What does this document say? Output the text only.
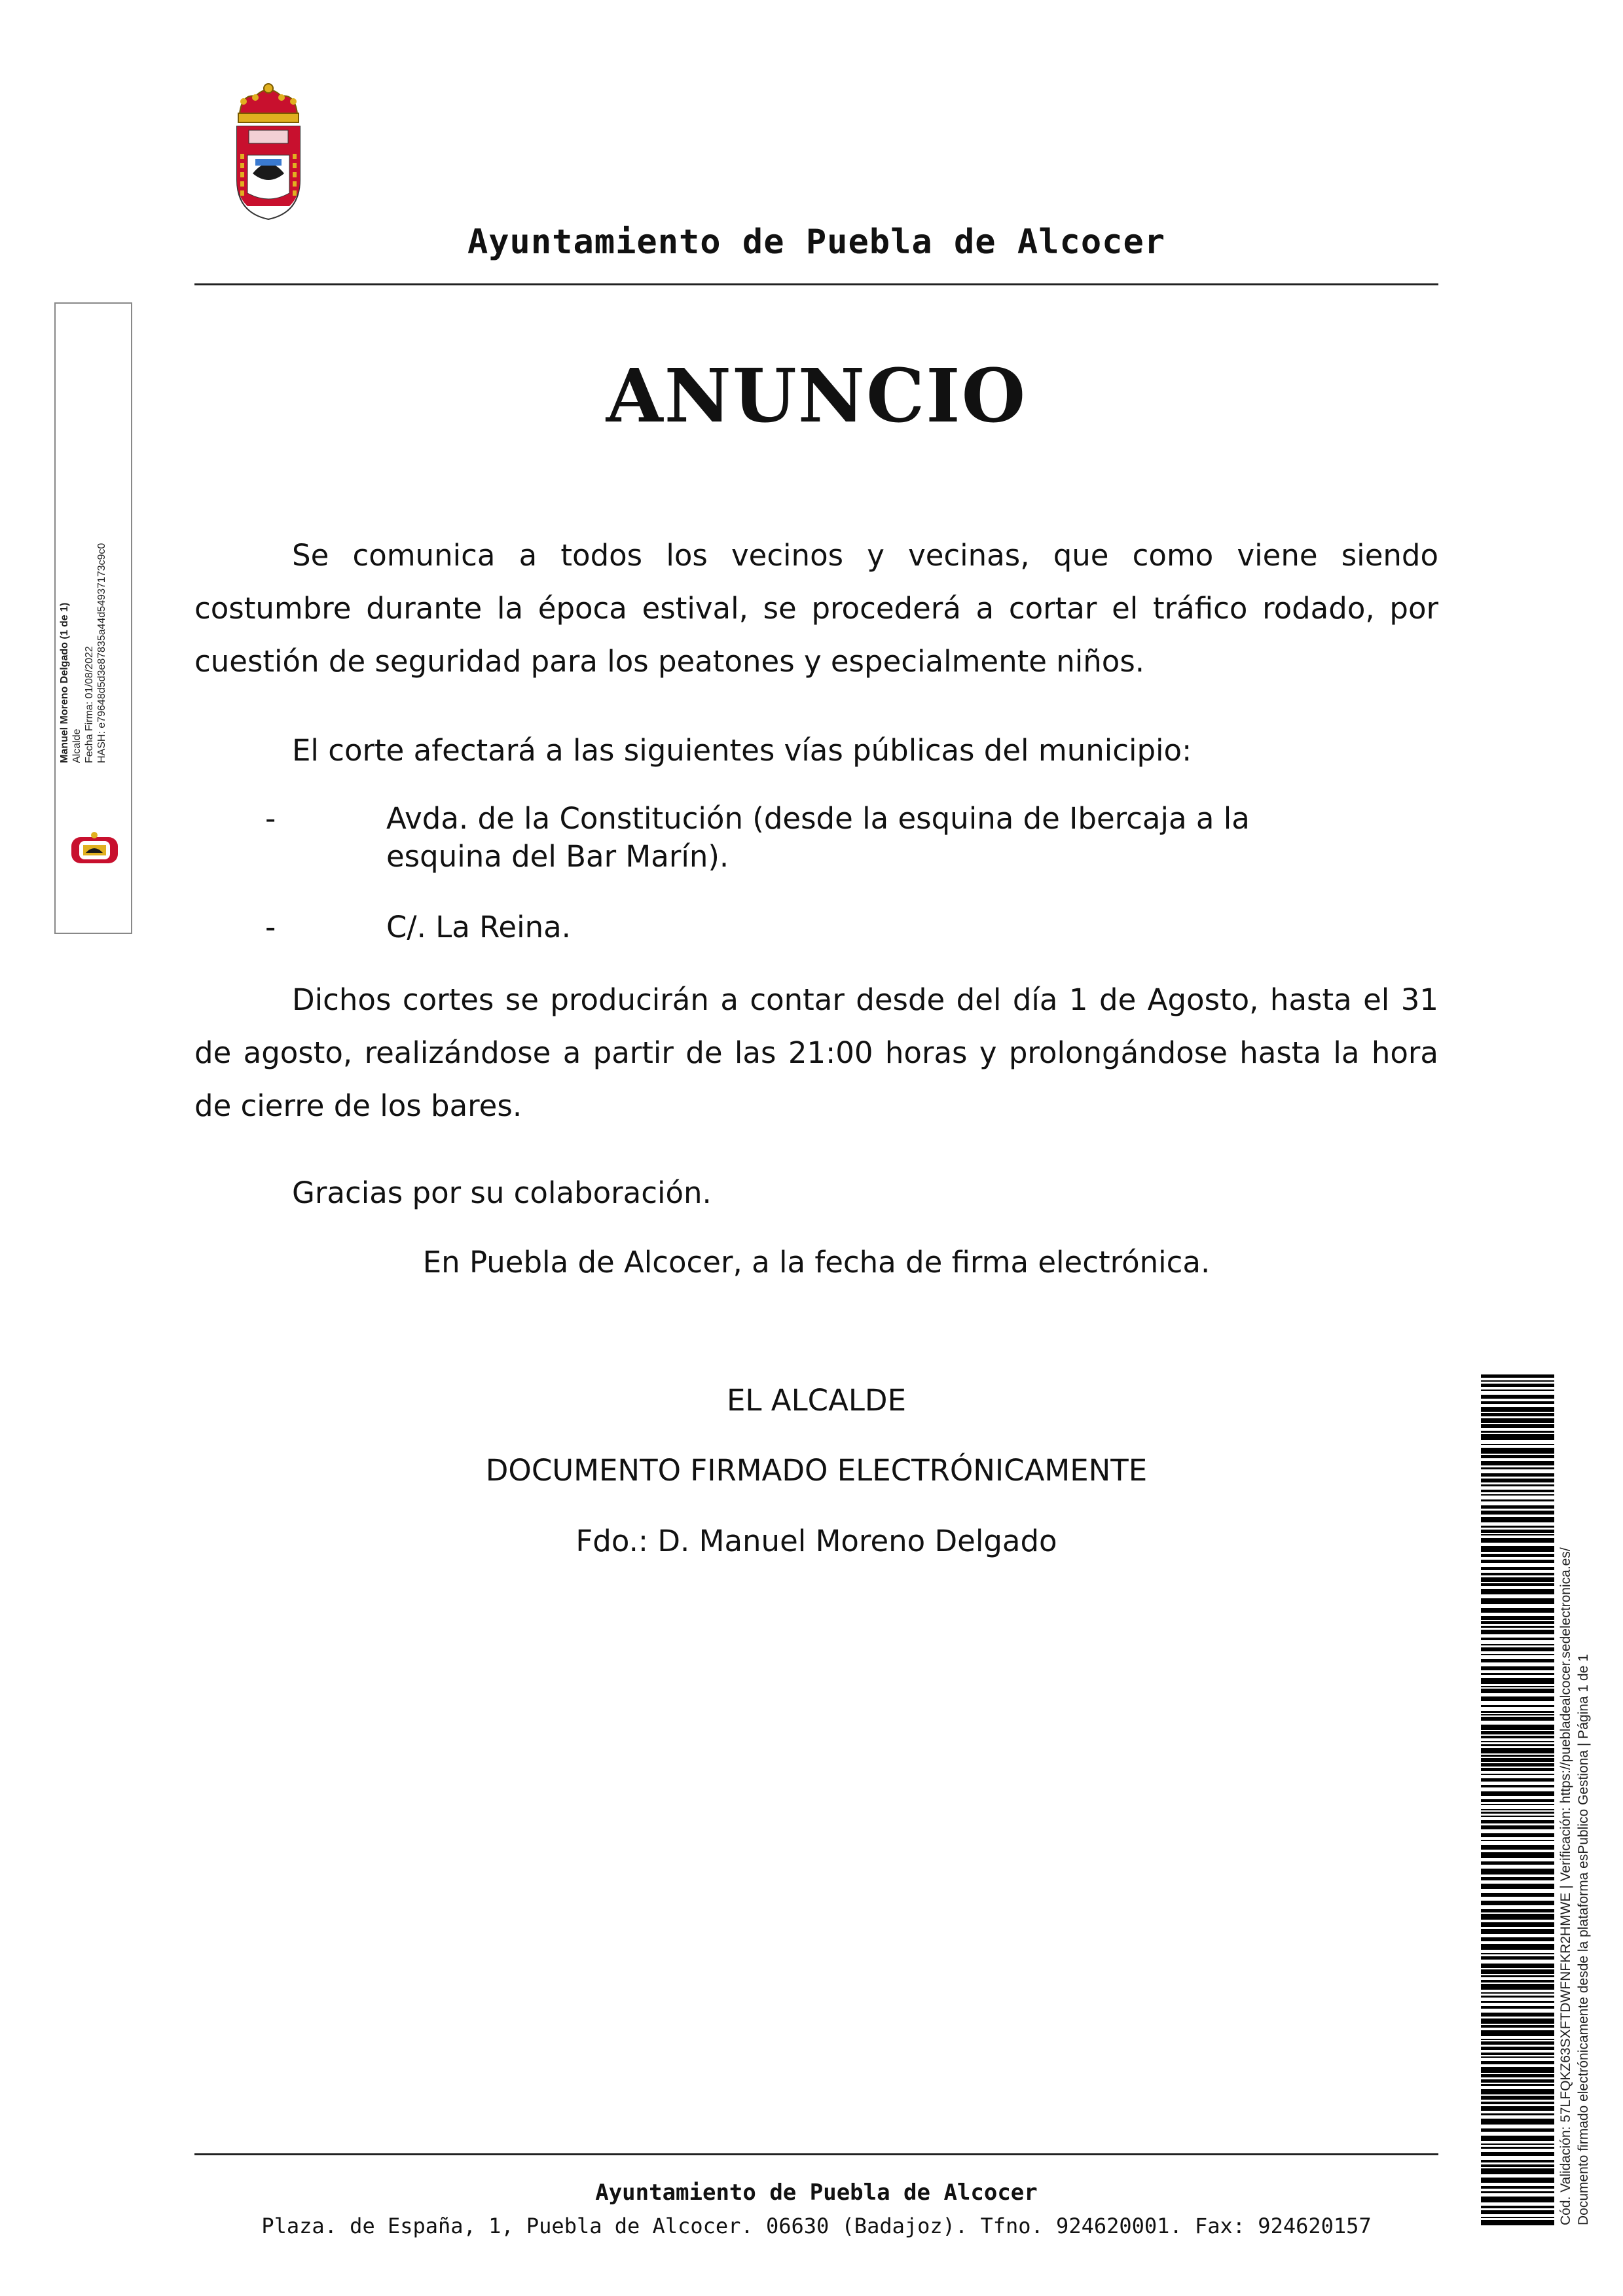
Ayuntamiento de Puebla de Alcocer
ANUNCIO
Se comunica a todos los vecinos y vecinas, que como viene siendo costumbre durante la época estival, se procederá a cortar el tráfico rodado, por cuestión de seguridad para los peatones y especialmente niños.
El corte afectará a las siguientes vías públicas del municipio:
-	Avda. de la Constitución (desde la esquina de Ibercaja a la esquina del Bar Marín).
-	C/. La Reina.
Dichos cortes se producirán a contar desde del día 1 de Agosto, hasta el 31 de agosto, realizándose a partir de las 21:00 horas y prolongándose hasta la hora de cierre de los bares.
Gracias por su colaboración.
En Puebla de Alcocer, a la fecha de firma electrónica.
EL ALCALDE
DOCUMENTO FIRMADO ELECTRÓNICAMENTE
Fdo.: D. Manuel Moreno Delgado
Ayuntamiento de Puebla de Alcocer
Plaza. de España, 1, Puebla de Alcocer. 06630 (Badajoz). Tfno. 924620001. Fax: 924620157
Manuel Moreno Delgado (1 de 1) Alcalde Fecha Firma: 01/08/2022 HASH: e79648d5d3e87835a44d54937173c9c0
Cód. Validación: 57LFQKZ63SXFTDWFNFKR2HMWE | Verificación: https://puebladealcocer.sedelectronica.es/ Documento firmado electrónicamente desde la plataforma esPublico Gestiona | Página 1 de 1
